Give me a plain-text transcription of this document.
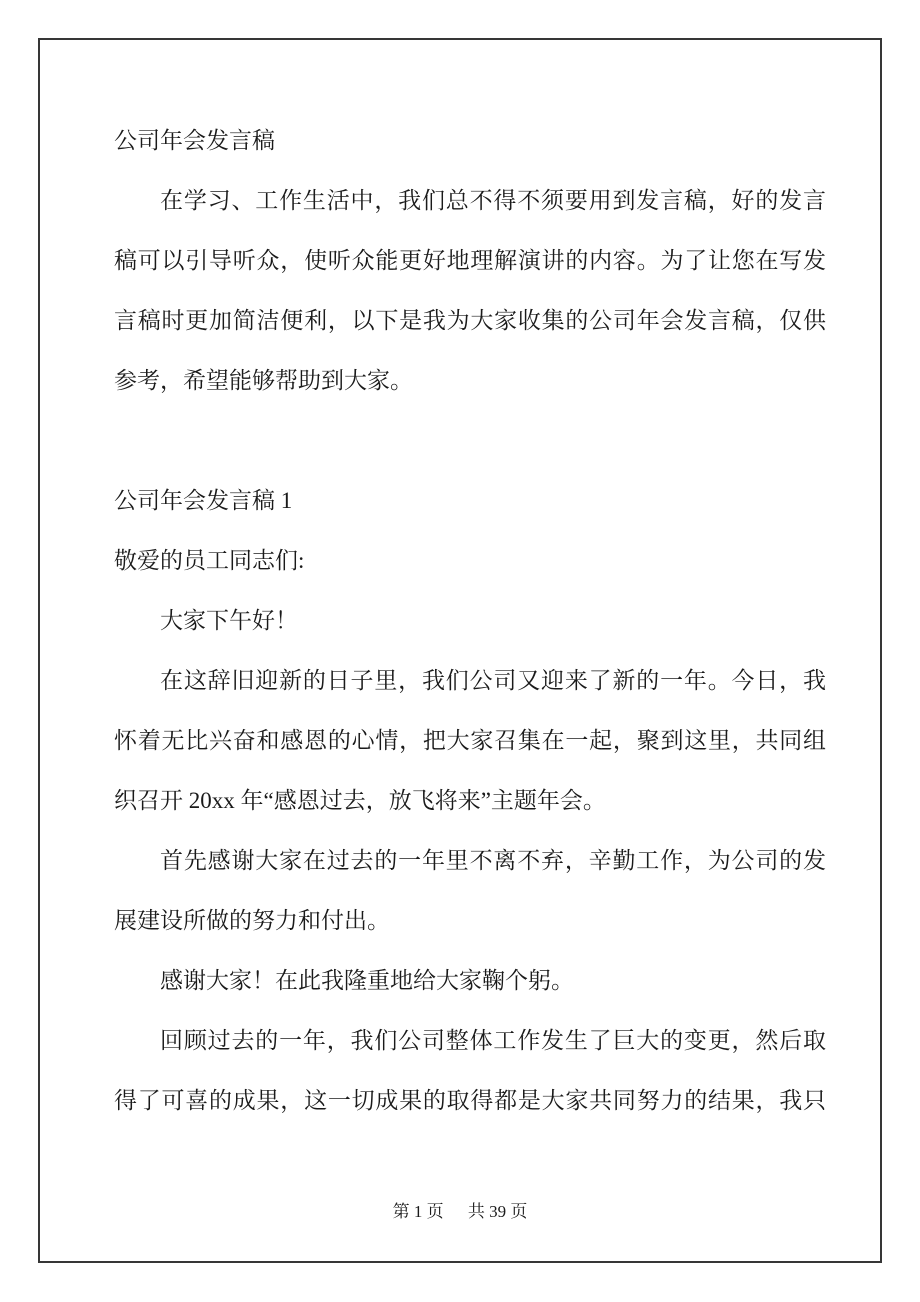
公司年会发言稿
在学习、工作生活中，我们总不得不须要用到发言稿，好的发言
稿可以引导听众，使听众能更好地理解演讲的内容。为了让您在写发
言稿时更加简洁便利，以下是我为大家收集的公司年会发言稿，仅供
参考，希望能够帮助到大家。
公司年会发言稿 1
敬爱的员工同志们:
大家下午好！
在这辞旧迎新的日子里，我们公司又迎来了新的一年。今日，我
怀着无比兴奋和感恩的心情，把大家召集在一起，聚到这里，共同组
织召开 20xx 年“感恩过去，放飞将来”主题年会。
首先感谢大家在过去的一年里不离不弃，辛勤工作，为公司的发
展建设所做的努力和付出。
感谢大家！在此我隆重地给大家鞠个躬。
回顾过去的一年，我们公司整体工作发生了巨大的变更，然后取
得了可喜的成果，这一切成果的取得都是大家共同努力的结果，我只
第 1 页 共 39 页
